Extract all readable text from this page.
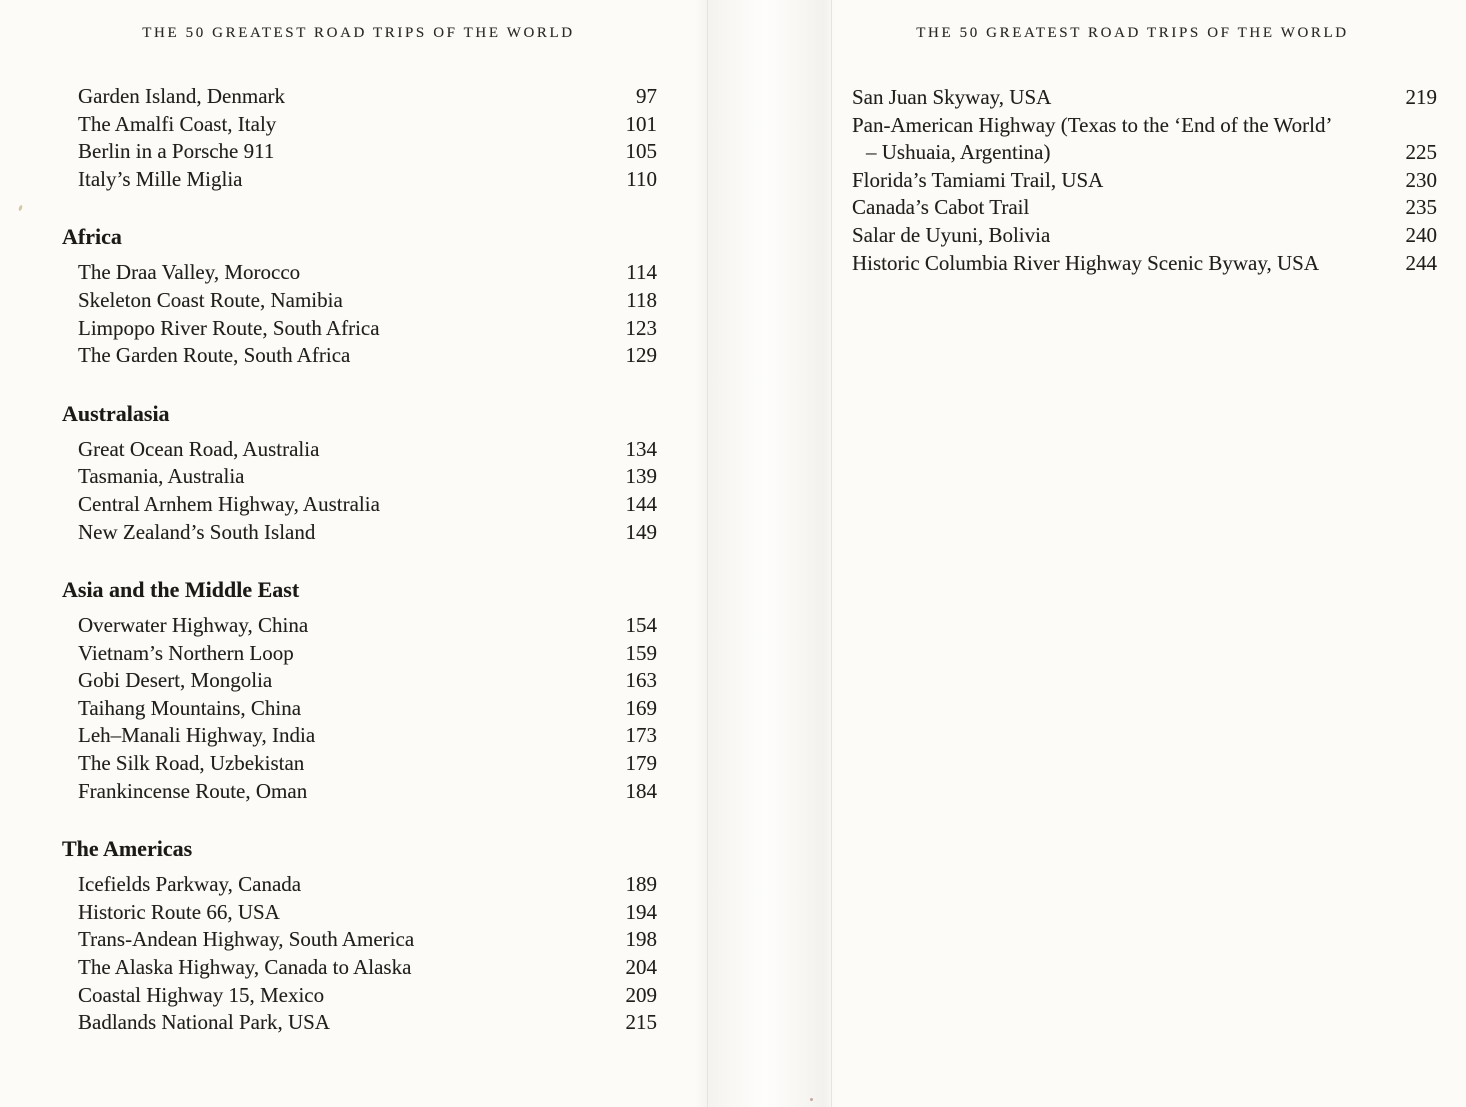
THE 50 GREATEST ROAD TRIPS OF THE WORLD
Garden Island, Denmark	97
The Amalfi Coast, Italy	101
Berlin in a Porsche 911	105
Italy’s Mille Miglia	110
Africa
The Draa Valley, Morocco	114
Skeleton Coast Route, Namibia	118
Limpopo River Route, South Africa	123
The Garden Route, South Africa	129
Australasia
Great Ocean Road, Australia	134
Tasmania, Australia	139
Central Arnhem Highway, Australia	144
New Zealand’s South Island	149
Asia and the Middle East
Overwater Highway, China	154
Vietnam’s Northern Loop	159
Gobi Desert, Mongolia	163
Taihang Mountains, China	169
Leh–Manali Highway, India	173
The Silk Road, Uzbekistan	179
Frankincense Route, Oman	184
The Americas
Icefields Parkway, Canada	189
Historic Route 66, USA	194
Trans-Andean Highway, South America	198
The Alaska Highway, Canada to Alaska	204
Coastal Highway 15, Mexico	209
Badlands National Park, USA	215
THE 50 GREATEST ROAD TRIPS OF THE WORLD
San Juan Skyway, USA	219
Pan-American Highway (Texas to the ‘End of the World’
– Ushuaia, Argentina)	225
Florida’s Tamiami Trail, USA	230
Canada’s Cabot Trail	235
Salar de Uyuni, Bolivia	240
Historic Columbia River Highway Scenic Byway, USA	244
